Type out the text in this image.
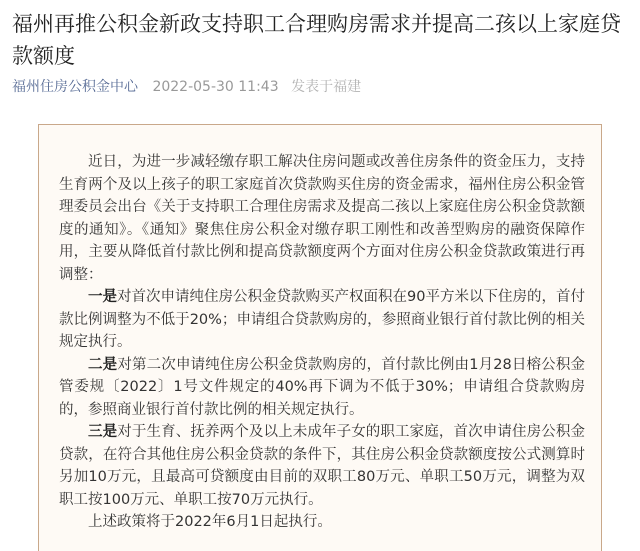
福州再推公积金新政支持职工合理购房需求并提高二孩以上家庭贷款额度
福州住房公积金中心 2022-05-30 11:43 发表于福建

近日，为进一步减轻缴存职工解决住房问题或改善住房条件的资金压力，支持生育两个及以上孩子的职工家庭首次贷款购买住房的资金需求，福州住房公积金管理委员会出台《关于支持职工合理住房需求及提高二孩以上家庭住房公积金贷款额度的通知》。《通知》聚焦住房公积金对缴存职工刚性和改善型购房的融资保障作用，主要从降低首付款比例和提高贷款额度两个方面对住房公积金贷款政策进行再调整：

一是对首次申请纯住房公积金贷款购买产权面积在90平方米以下住房的，首付款比例调整为不低于20%；申请组合贷款购房的，参照商业银行首付款比例的相关规定执行。

二是对第二次申请纯住房公积金贷款购房的，首付款比例由1月28日榕公积金管委规〔2022〕1号文件规定的40%再下调为不低于30%；申请组合贷款购房的，参照商业银行首付款比例的相关规定执行。

三是对于生育、抚养两个及以上未成年子女的职工家庭，首次申请住房公积金贷款，在符合其他住房公积金贷款的条件下，其住房公积金贷款额度按公式测算时另加10万元，且最高可贷额度由目前的双职工80万元、单职工50万元，调整为双职工按100万元、单职工按70万元执行。

上述政策将于2022年6月1日起执行。
